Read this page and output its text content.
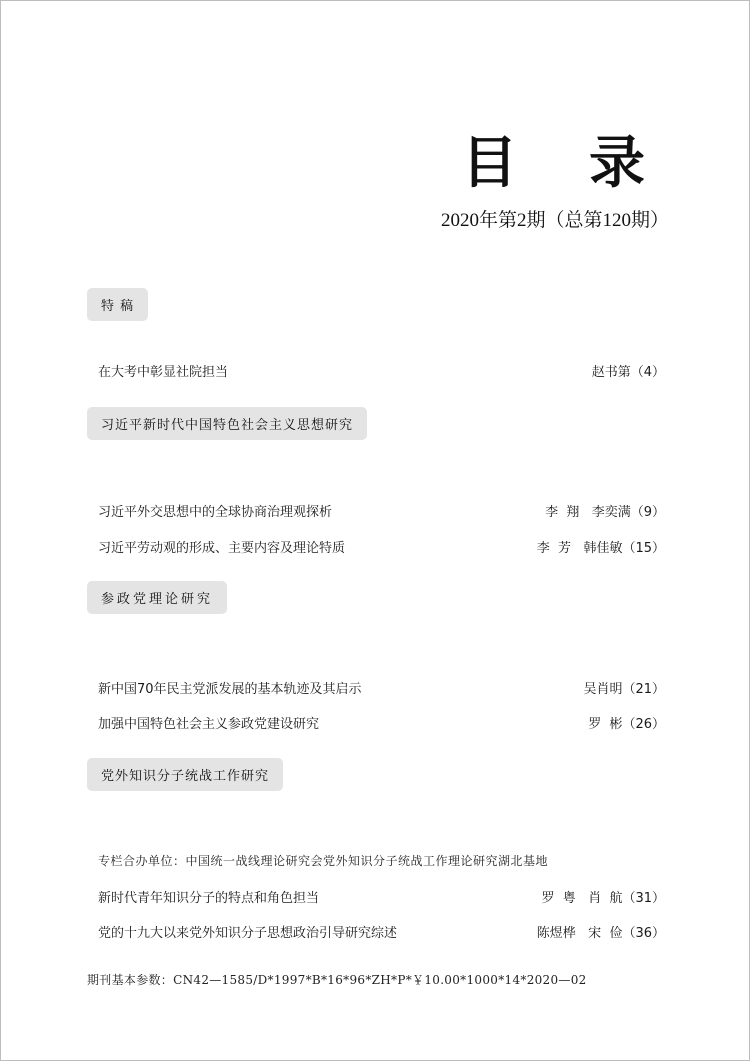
目 录
2020年第2期（总第120期）
特 稿
在大考中彰显社院担当	赵书第（4）
习近平新时代中国特色社会主义思想研究
习近平外交思想中的全球协商治理观探析	李  翔   李奕满（9）
习近平劳动观的形成、主要内容及理论特质	李  芳   韩佳敏（15）
参政党理论研究
新中国70年民主党派发展的基本轨迹及其启示	吴肖明（21）
加强中国特色社会主义参政党建设研究	罗  彬（26）
党外知识分子统战工作研究
专栏合办单位：中国统一战线理论研究会党外知识分子统战工作理论研究湖北基地
新时代青年知识分子的特点和角色担当	罗  粤   肖  航（31）
党的十九大以来党外知识分子思想政治引导研究综述	陈煜桦   宋  俭（36）
期刊基本参数：CN42—1585/D*1997*B*16*96*ZH*P*￥10.00*1000*14*2020—02
